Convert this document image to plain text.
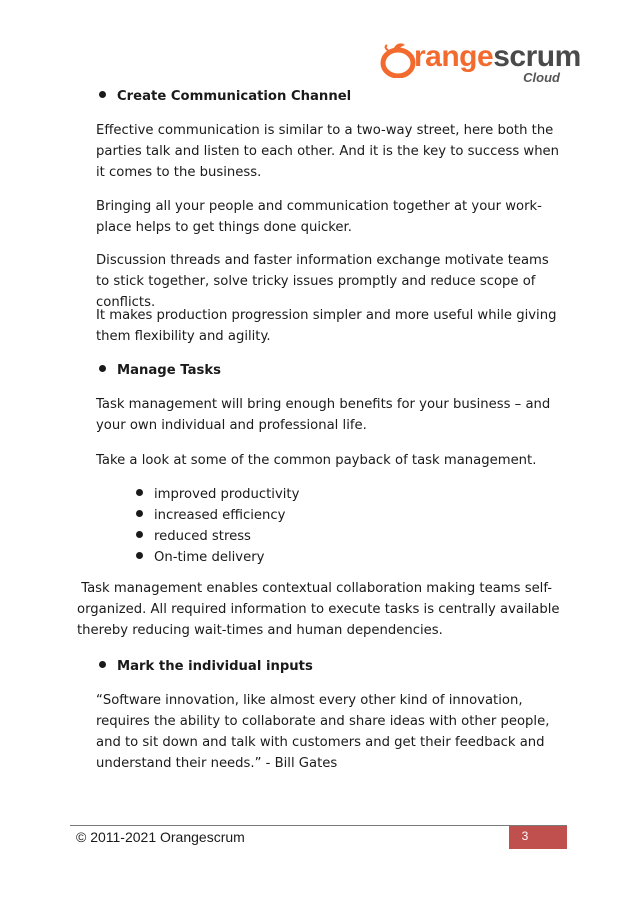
rangescrum
Cloud
Create Communication Channel
Effective communication is similar to a two-way street, here both the parties talk and listen to each other. And it is the key to success when it comes to the business.
Bringing all your people and communication together at your work-place helps to get things done quicker.
Discussion threads and faster information exchange motivate teams to stick together, solve tricky issues promptly and reduce scope of conflicts.
It makes production progression simpler and more useful while giving them flexibility and agility.
Manage Tasks
Task management will bring enough benefits for your business – and your own individual and professional life.
Take a look at some of the common payback of task management.
improved productivity
increased efficiency
reduced stress
On-time delivery
Task management enables contextual collaboration making teams self-organized. All required information to execute tasks is centrally available thereby reducing wait-times and human dependencies.
Mark the individual inputs
“Software innovation, like almost every other kind of innovation, requires the ability to collaborate and share ideas with other people, and to sit down and talk with customers and get their feedback and understand their needs.” - Bill Gates
© 2011-2021 Orangescrum	3
